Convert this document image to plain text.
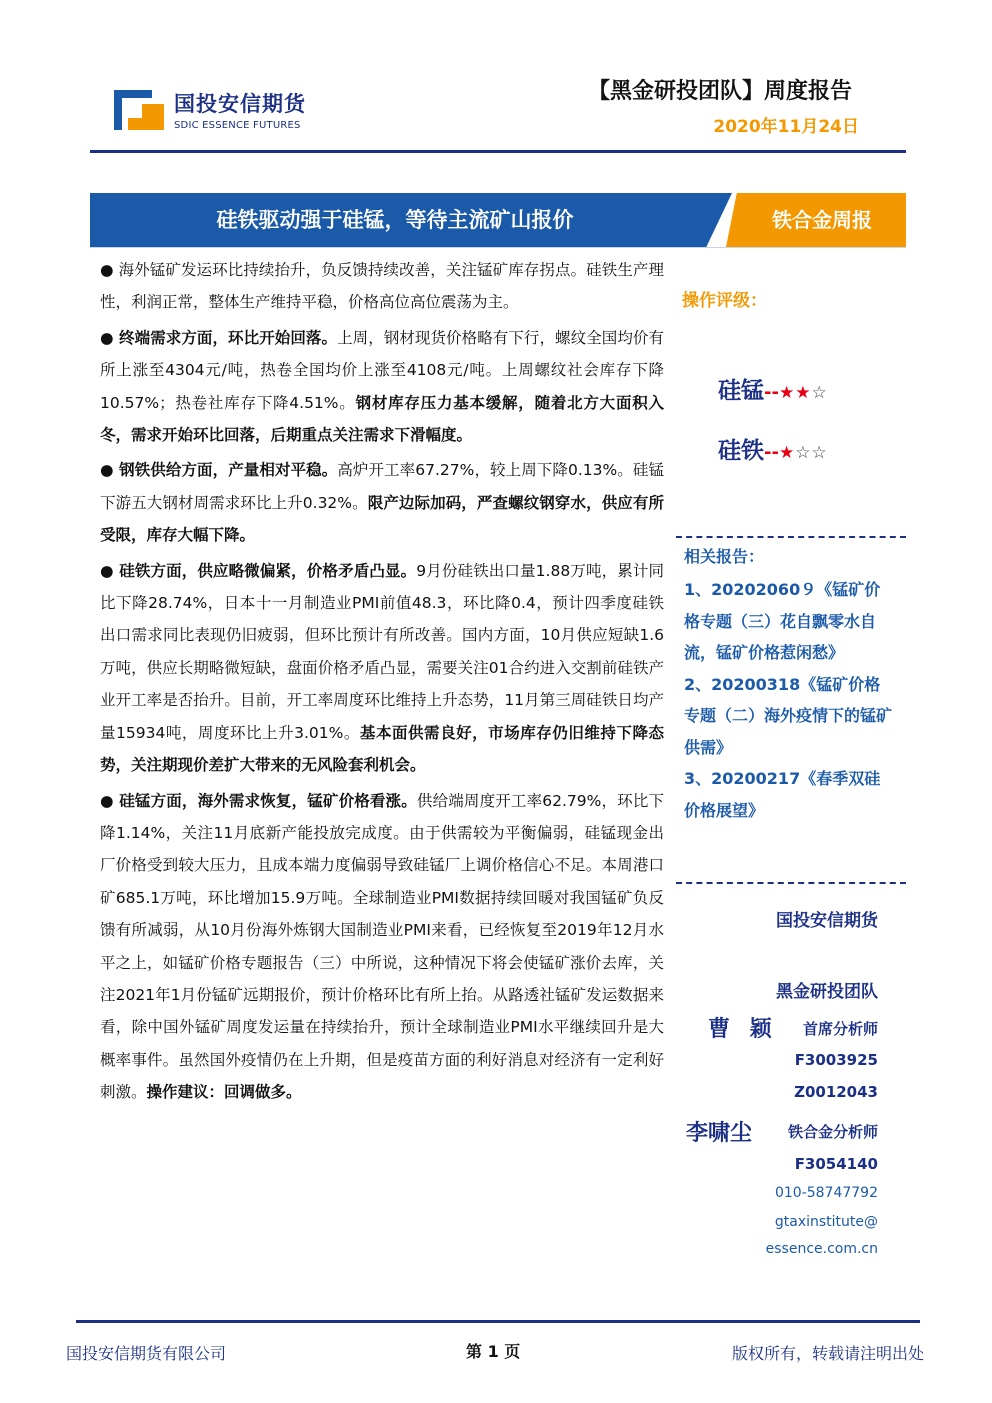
国投安信期货
SDIC ESSENCE FUTURES
【黑金研投团队】周度报告
2020年11月24日
硅铁驱动强于硅锰，等待主流矿山报价	铁合金周报

● 海外锰矿发运环比持续抬升，负反馈持续改善，关注锰矿库存拐点。硅铁生产理性，利润正常，整体生产维持平稳，价格高位高位震荡为主。

● 终端需求方面，环比开始回落。上周，钢材现货价格略有下行，螺纹全国均价有所上涨至4304元/吨，热卷全国均价上涨至4108元/吨。上周螺纹社会库存下降10.57%；热卷社库存下降4.51%。钢材库存压力基本缓解，随着北方大面积入冬，需求开始环比回落，后期重点关注需求下滑幅度。

● 钢铁供给方面，产量相对平稳。高炉开工率67.27%，较上周下降0.13%。硅锰下游五大钢材周需求环比上升0.32%。限产边际加码，严查螺纹钢穿水，供应有所受限，库存大幅下降。

● 硅铁方面，供应略微偏紧，价格矛盾凸显。9月份硅铁出口量1.88万吨，累计同比下降28.74%，日本十一月制造业PMI前值48.3，环比降0.4，预计四季度硅铁出口需求同比表现仍旧疲弱，但环比预计有所改善。国内方面，10月供应短缺1.6万吨，供应长期略微短缺，盘面价格矛盾凸显，需要关注01合约进入交割前硅铁产业开工率是否抬升。目前，开工率周度环比维持上升态势，11月第三周硅铁日均产量15934吨，周度环比上升3.01%。基本面供需良好，市场库存仍旧维持下降态势，关注期现价差扩大带来的无风险套利机会。

● 硅锰方面，海外需求恢复，锰矿价格看涨。供给端周度开工率62.79%，环比下降1.14%，关注11月底新产能投放完成度。由于供需较为平衡偏弱，硅锰现金出厂价格受到较大压力，且成本端力度偏弱导致硅锰厂上调价格信心不足。本周港口矿685.1万吨，环比增加15.9万吨。全球制造业PMI数据持续回暖对我国锰矿负反馈有所减弱，从10月份海外炼钢大国制造业PMI来看，已经恢复至2019年12月水平之上，如锰矿价格专题报告（三）中所说，这种情况下将会使锰矿涨价去库，关注2021年1月份锰矿远期报价，预计价格环比有所上抬。从路透社锰矿发运数据来看，除中国外锰矿周度发运量在持续抬升，预计全球制造业PMI水平继续回升是大概率事件。虽然国外疫情仍在上升期，但是疫苗方面的利好消息对经济有一定利好刺激。操作建议：回调做多。

操作评级：
硅锰--★★☆
硅铁--★☆☆
相关报告：
1、20202060９《锰矿价格专题（三）花自飘零水自流，锰矿价格惹闲愁》
2、20200318《锰矿价格专题（二）海外疫情下的锰矿供需》
3、20200217《春季双硅价格展望》
国投安信期货
黑金研投团队
曹 颖 首席分析师
F3003925
Z0012043
李啸尘 铁合金分析师
F3054140
010-58747792
gtaxinstitute@
essence.com.cn
国投安信期货有限公司	第 1 页	版权所有，转载请注明出处
